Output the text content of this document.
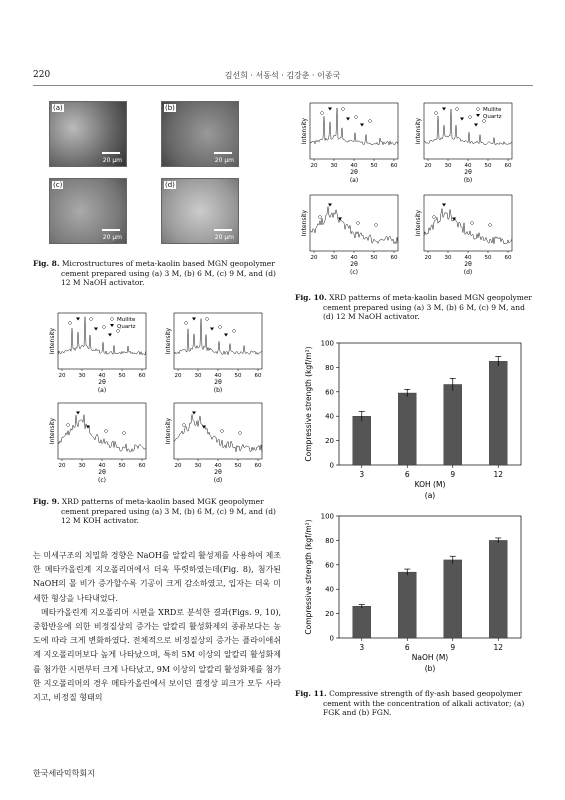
220	김선희 · 서동석 · 김강춘 · 이종국
(a)
20 μm
(b)
20 μm
(c)
20 μm
(d)
20 μm
Fig. 8. Microstructures of meta-kaolin based MGN geopolymer
cement prepared using (a) 3 M, (b) 6 M, (c) 9 M, and (d)
12 M NaOH activator.
Intensity
20 30 40 50 60
2θ
(a)
Mullite
Quartz
Intensity
20 30 40 50 60
2θ
(b)
Intensity
20 30 40 50 60
2θ
(c)
Intensity
20 30 40 50 60
2θ
(d)
Fig. 9. XRD patterns of meta-kaolin based MGK geopolymer
cement prepared using (a) 3 M, (b) 6 M, (c) 9 M, and (d)
12 M KOH activator.
Intensity
20 30 40 50 60
2θ
(a)
Intensity
20 30 40 50 60
2θ
(b)
Mullite
Quartz
Intensity
20 30 40 50 60
2θ
(c)
Intensity
20 30 40 50 60
2θ
(d)
Fig. 10. XRD patterns of meta-kaolin based MGN geopolymer
cement prepared using (a) 3 M, (b) 6 M, (c) 9 M, and
(d) 12 M NaOH activator.
0
20
40
60
80
100
Compressive strength (kgf/m²)
3	6	9	12
KOH (M)
(a)
0
20
40
60
80
100
Compressive strength (kgf/m²)
3	6	9	12
NaOH (M)
(b)
Fig. 11. Compressive strength of fly-ash based geopolymer
cement with the concentration of alkali activator; (a)
FGK and (b) FGN.

는 미세구조의 치밀화 경향은 NaOH를 알칼리 활성제를 사용하여 제조한 메타카올린계 지오폴리머에서 더욱 뚜렷하였는데(Fig. 8), 첨가된 NaOH의 몰 비가 증가할수록 기공이 크게 감소하였고, 입자는 더욱 미세한 형상을 나타내었다.

메타카올린계 지오폴리머 시편을 XRD로 분석한 결과(Figs. 9, 10), 중합반응에 의한 비정질상의 증가는 알칼리 활성화제의 종류보다는 농도에 따라 크게 변화하였다. 전체적으로 비정질상의 증가는 플라이애쉬계 지오폴리머보다 높게 나타났으며, 특히 5M 이상의 알칼리 활성화제를 첨가한 시편부터 크게 나타났고, 9M 이상의 알칼리 활성화제를 첨가한 지오폴리머의 경우 메타카올린에서 보이던 결정상 피크가 모두 사라지고, 비정질 형태의

한국세라믹학회지
